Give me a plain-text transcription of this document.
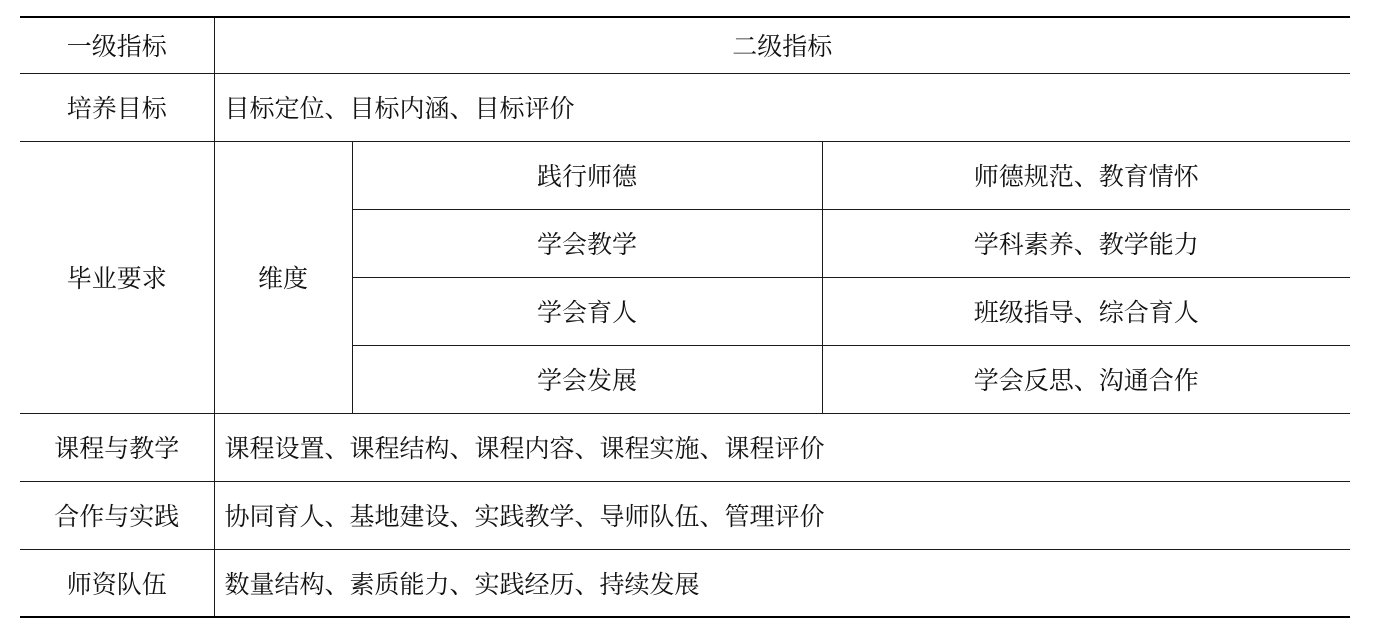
一级指标	二级指标		
培养目标	目标定位、目标内涵、目标评价		
毕业要求	维度	践行师德	师德规范、教育情怀
		学会教学	学科素养、教学能力
		学会育人	班级指导、综合育人
		学会发展	学会反思、沟通合作
课程与教学	课程设置、课程结构、课程内容、课程实施、课程评价		
合作与实践	协同育人、基地建设、实践教学、导师队伍、管理评价		
师资队伍	数量结构、素质能力、实践经历、持续发展		
